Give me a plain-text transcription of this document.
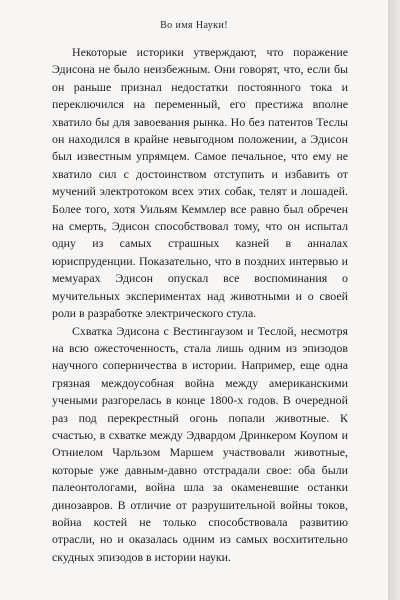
Во имя Науки!

Некоторые историки утверждают, что поражение Эдисона не было неизбежным. Они говорят, что, если бы он раньше признал недостатки постоянного тока и переключился на переменный, его престижа вполне хватило бы для завоевания рынка. Но без патентов Теслы он находился в крайне невыгодном положении, а Эдисон был известным упрямцем. Самое печальное, что ему не хватило сил с достоинством отступить и избавить от мучений электротоком всех этих собак, телят и лошадей. Более того, хотя Уильям Кеммлер все равно был обречен на смерть, Эдисон способствовал тому, что он испытал одну из самых страшных казней в анналах юриспруденции. Показательно, что в поздних интервью и мемуарах Эдисон опускал все воспоминания о мучительных экспериментах над животными и о своей роли в разработке электрического стула.

Схватка Эдисона с Вестингаузом и Теслой, несмотря на всю ожесточенность, стала лишь одним из эпизодов научного соперничества в истории. Например, еще одна грязная междоусобная война между американскими учеными разгорелась в конце 1800-х годов. В очередной раз под перекрестный огонь попали животные. К счастью, в схватке между Эдвардом Дринкером Коупом и Отниелом Чарльзом Маршем участвовали животные, которые уже давным-давно отстрадали свое: оба были палеонтологами, война шла за окаменевшие останки динозавров. В отличие от разрушительной войны токов, война костей не только способствовала развитию отрасли, но и оказалась одним из самых восхитительно скудных эпизодов в истории науки.
